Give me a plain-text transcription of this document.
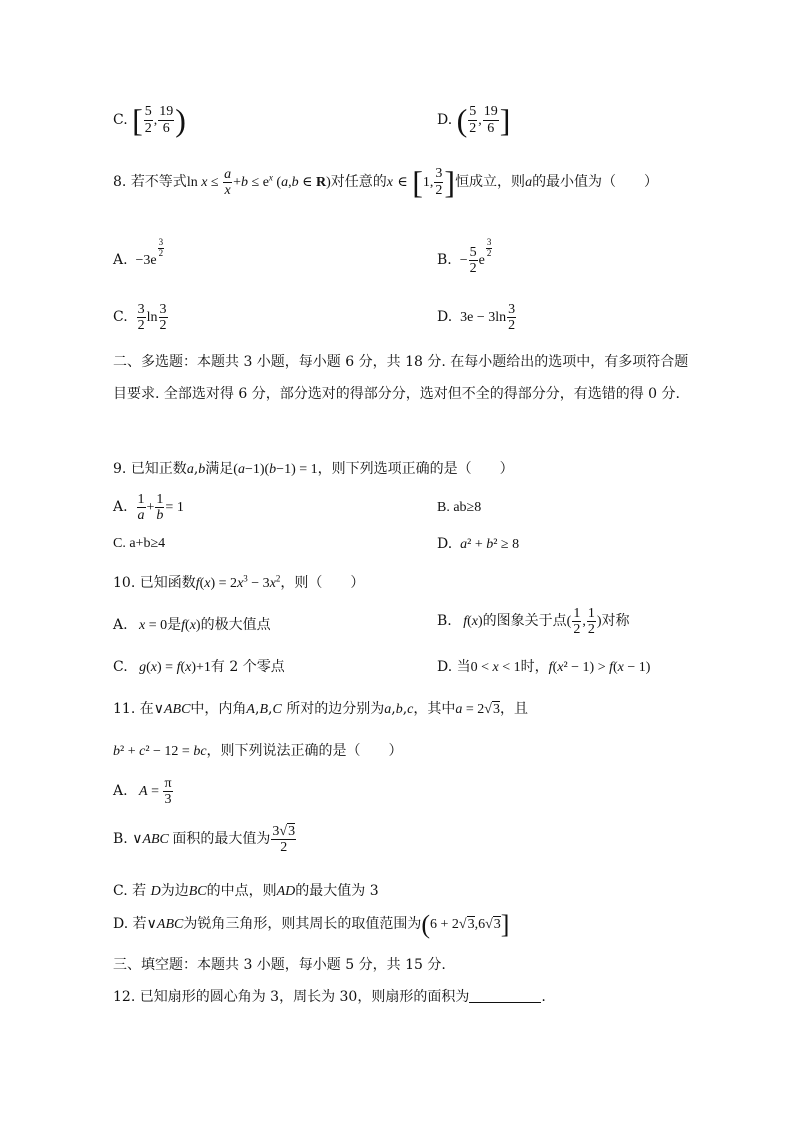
C. [ $\frac{5}{2}$ , $\frac{19}{6}$ )	D. ( $\frac{5}{2}$ , $\frac{19}{6}$ ]
8. 若不等式$\ln x \le \frac{a}{x} +b \le e^x$ (a,b ∈ R)对任意的x ∈ [1, $\frac{3}{2}$ ]恒成立，则a的最小值为（　　）
A.  −3e
$^{\frac{3}{2}}$
B.  − $\frac{5}{2}$ e
$^{\frac{3}{2}}$
C. $\frac{3}{2}$ $\ln \frac{3}{2}$	D.  $3e - 3\ln \frac{3}{2}$
二、多选题：本题共 3 小题，每小题 6 分，共 18 分. 在每小题给出的选项中，有多项符合题目要求. 全部选对得 6 分，部分选对的得部分分，选对但不全的得部分分，有选错的得 0 分.
9. 已知正数a,b满足(a−1)(b−1) = 1，则下列选项正确的是（　　）
A. $\frac{1}{a} + \frac{1}{b} = 1$	B. ab≥8
C. a+b≥4	D. a² + b² ≥ 8
10. 已知函数$f(x) = 2x^3 - 3x^2$，则（　　）
A. x = 0是f(x)的极大值点	B. f(x)的图象关于点( $\frac{1}{2}$ , $\frac{1}{2}$ )对称
C. g(x) = f(x)+1有 2 个零点	D. 当0 < x < 1时，f(x² − 1) > f(x − 1)
11. 在∨ABC中，内角A,B,C 所对的边分别为a,b,c，其中a = 2√3，且
b² + c² − 12 = bc，则下列说法正确的是（　　）
A. $A = \frac{\pi}{3}$
B. ∨ABC 面积的最大值为 $\frac{3√3}{2}$
C. 若 D为边BC的中点，则AD的最大值为 3
D. 若∨ABC为锐角三角形，则其周长的取值范围为(6 + 2√3,6√3]
三、填空题：本题共 3 小题，每小题 5 分，共 15 分.
12. 已知扇形的圆心角为 3，周长为 30，则扇形的面积为	.
